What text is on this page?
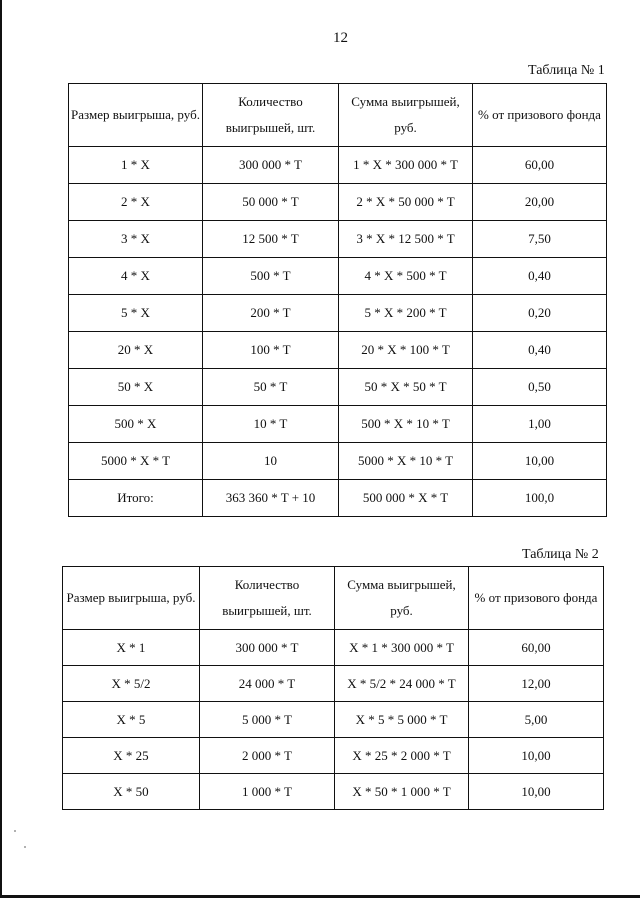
12
Таблица № 1
Размер выигрыша, руб.	Количество выигрышей, шт.	Сумма выигрышей, руб.	% от призового фонда
1 * X	300 000 * T	1 * X * 300 000 * T	60,00
2 * X	50 000 * T	2 * X * 50 000 * T	20,00
3 * X	12 500 * T	3 * X * 12 500 * T	7,50
4 * X	500 * T	4 * X * 500 * T	0,40
5 * X	200 * T	5 * X * 200 * T	0,20
20 * X	100 * T	20 * X * 100 * T	0,40
50 * X	50 * T	50 * X * 50 * T	0,50
500 * X	10 * T	500 * X * 10 * T	1,00
5000 * X * T	10	5000 * X * 10 * T	10,00
Итого:	363 360 * T + 10	500 000 * X * T	100,0
Таблица № 2
Размер выигрыша, руб.	Количество выигрышей, шт.	Сумма выигрышей, руб.	% от призового фонда
X * 1	300 000 * T	X * 1 * 300 000 * T	60,00
X * 5/2	24 000 * T	X * 5/2 * 24 000 * T	12,00
X * 5	5 000 * T	X * 5 * 5 000 * T	5,00
X * 25	2 000 * T	X * 25 * 2 000 * T	10,00
X * 50	1 000 * T	X * 50 * 1 000 * T	10,00
